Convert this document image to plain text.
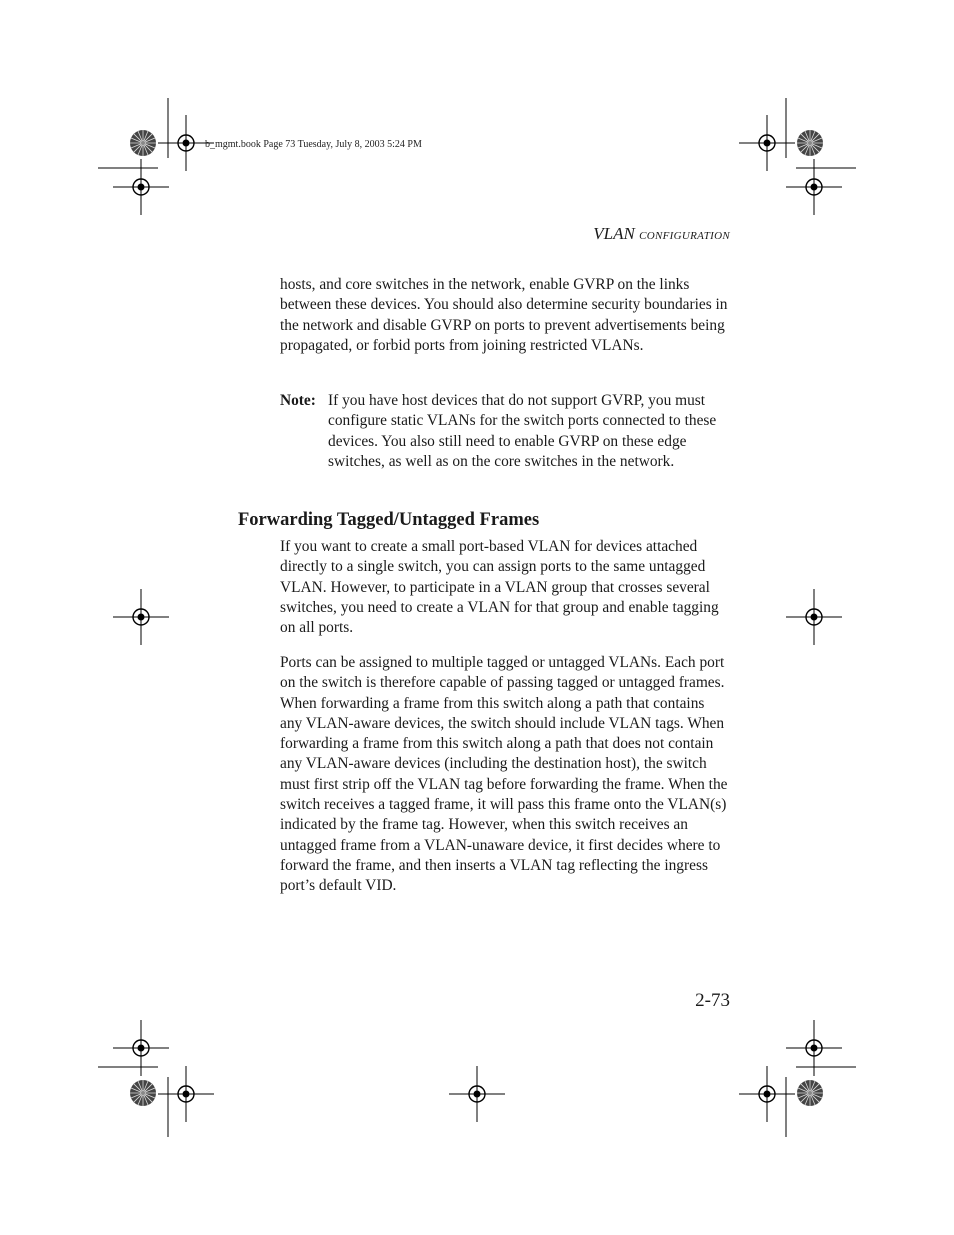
b_mgmt.book Page 73 Tuesday, July 8, 2003 5:24 PM
VLAN CONFIGURATION

hosts, and core switches in the network, enable GVRP on the links between these devices. You should also determine security boundaries in the network and disable GVRP on ports to prevent advertisements being propagated, or forbid ports from joining restricted VLANs.

Note: If you have host devices that do not support GVRP, you must configure static VLANs for the switch ports connected to these devices. You also still need to enable GVRP on these edge switches, as well as on the core switches in the network.
Forwarding Tagged/Untagged Frames

If you want to create a small port-based VLAN for devices attached directly to a single switch, you can assign ports to the same untagged VLAN. However, to participate in a VLAN group that crosses several switches, you need to create a VLAN for that group and enable tagging on all ports.

Ports can be assigned to multiple tagged or untagged VLANs. Each port on the switch is therefore capable of passing tagged or untagged frames. When forwarding a frame from this switch along a path that contains any VLAN-aware devices, the switch should include VLAN tags. When forwarding a frame from this switch along a path that does not contain any VLAN-aware devices (including the destination host), the switch must first strip off the VLAN tag before forwarding the frame. When the switch receives a tagged frame, it will pass this frame onto the VLAN(s) indicated by the frame tag. However, when this switch receives an untagged frame from a VLAN-unaware device, it first decides where to forward the frame, and then inserts a VLAN tag reflecting the ingress port’s default VID.

2-73
